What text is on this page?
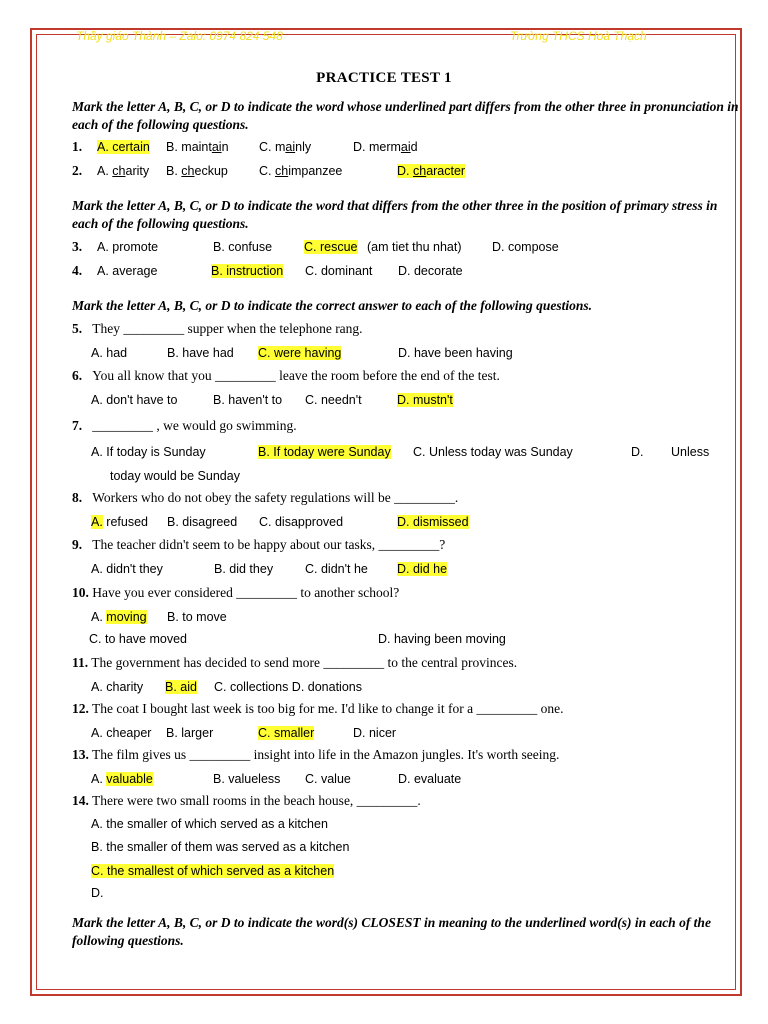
Thầy giáo Thành – Zalo: 0974 824 548	Trường THCS Hoà Thạch
PRACTICE TEST 1
Mark the letter A, B, C, or D to indicate the word whose underlined part differs from the other three in pronunciation in each of the following questions.
1. A. certain B. maintain C. mainly	D. mermaid
2. A. charity B. checkup C. chimpanzee	D. character
Mark the letter A, B, C, or D to indicate the word that differs from the other three in the position of primary stress in each of the following questions.
3. A. promote	B. confuse	C. rescue (am tiet thu nhat) D. compose
4. A. average	B. instruction C. dominant D. decorate
Mark the letter A, B, C, or D to indicate the correct answer to each of the following questions.
5. They _________ supper when the telephone rang.
A. had	B. have had C. were having	D. have been having
6. You all know that you _________ leave the room before the end of the test.
A. don't have to	B. haven't to C. needn't	D. mustn't
7. _________ , we would go swimming.
A. If today is Sunday	B. If today were Sunday C. Unless today was Sunday	D. Unless
today would be Sunday
8. Workers who do not obey the safety regulations will be _________.
A. refused B. disagreed C. disapproved	D. dismissed
9. The teacher didn't seem to be happy about our tasks, _________?
A. didn't they	B. did they	C. didn't he D. did he
10. Have you ever considered _________ to another school?
A. moving B. to move
C. to have moved	D. having been moving
11. The government has decided to send more _________ to the central provinces.
A. charity B. aid C. collections D. donations
12. The coat I bought last week is too big for me. I'd like to change it for a _________ one.
A. cheaper B. larger	C. smaller	D. nicer
13. The film gives us _________ insight into life in the Amazon jungles. It's worth seeing.
A. valuable	B. valueless C. value	D. evaluate
14. There were two small rooms in the beach house, _________.
A. the smaller of which served as a kitchen
B. the smaller of them was served as a kitchen
C. the smallest of which served as a kitchen
D.
Mark the letter A, B, C, or D to indicate the word(s) CLOSEST in meaning to the underlined word(s) in each of the following questions.
